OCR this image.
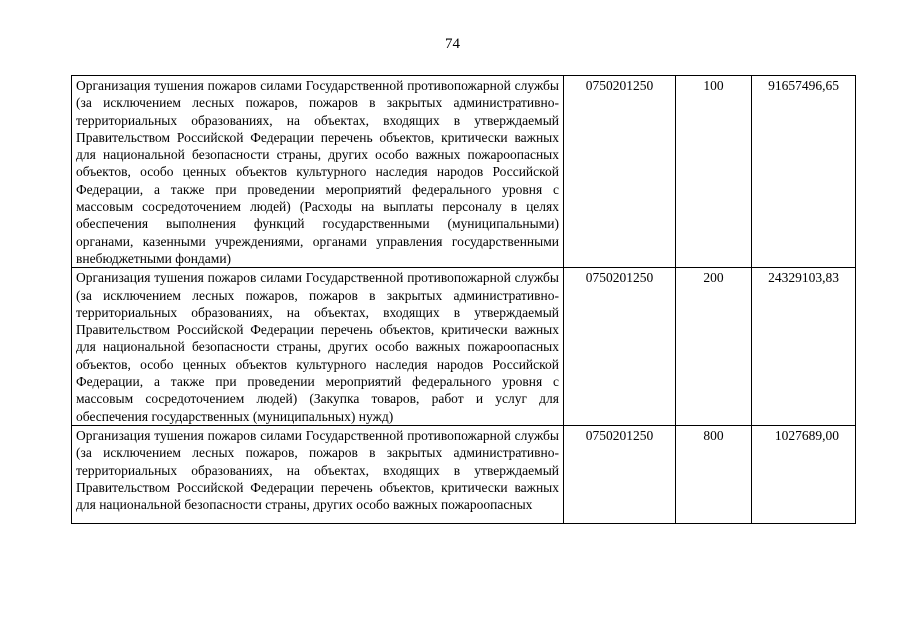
74
Организация тушения пожаров силами Государственной противопожарной службы (за исключением лесных пожаров, пожаров в закрытых административно-территориальных образованиях, на объектах, входящих в утверждаемый Правительством Российской Федерации перечень объектов, критически важных для национальной безопасности страны, других особо важных пожароопасных объектов, особо ценных объектов культурного наследия народов Российской Федерации, а также при проведении мероприятий федерального уровня с массовым сосредоточением людей) (Расходы на выплаты персоналу в целях обеспечения выполнения функций государственными (муниципальными) органами, казенными учреждениями, органами управления государственными внебюджетными фондами)	0750201250	100	91657496,65
Организация тушения пожаров силами Государственной противопожарной службы (за исключением лесных пожаров, пожаров в закрытых административно-территориальных образованиях, на объектах, входящих в утверждаемый Правительством Российской Федерации перечень объектов, критически важных для национальной безопасности страны, других особо важных пожароопасных объектов, особо ценных объектов культурного наследия народов Российской Федерации, а также при проведении мероприятий федерального уровня с массовым сосредоточением людей) (Закупка товаров, работ и услуг для обеспечения государственных (муниципальных) нужд)	0750201250	200	24329103,83

Организация тушения пожаров силами Государственной противопожарной службы (за исключением лесных пожаров, пожаров в закрытых административно-территориальных образованиях, на объектах, входящих в утверждаемый Правительством Российской Федерации перечень объектов, критически важных для национальной безопасности страны, других особо важных пожароопасных	0750201250	800	1027689,00
